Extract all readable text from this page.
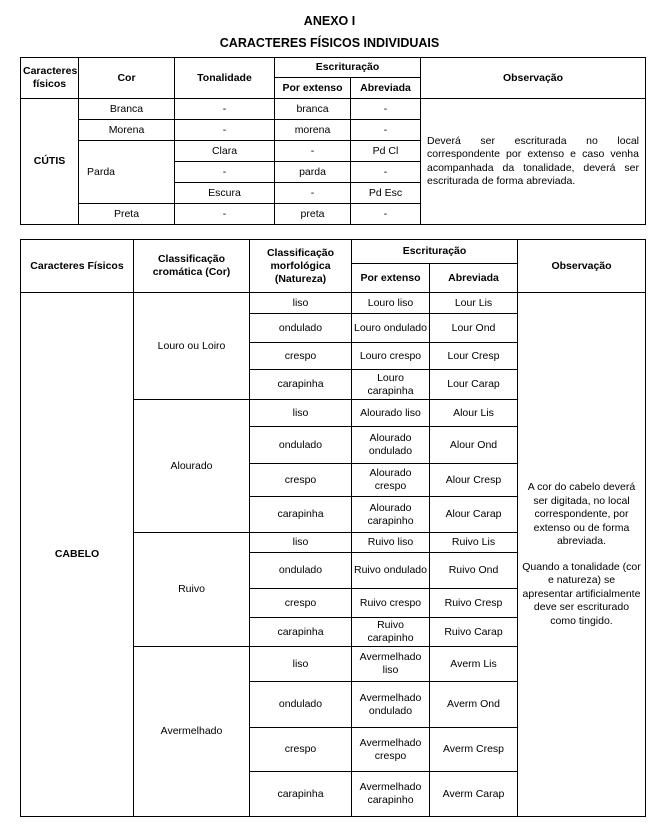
ANEXO I
CARACTERES FÍSICOS INDIVIDUAIS
Caracteres físicos	Cor	Tonalidade	Escrituração		Observação
			Por extenso	Abreviada	
CÚTIS	Branca	-	branca	-	Deverá ser escriturada no local correspondente por extenso e caso venha acompanhada da tonalidade, deverá ser escriturada de forma abreviada.
	Morena	-	morena	-	
	Parda	Clara	-	Pd Cl	
		-	parda	-	
		Escura	-	Pd Esc	
	Preta	-	preta	-	
Caracteres Físicos	Classificação cromática (Cor)	Classificação morfológica (Natureza)	Escrituração		Observação
			Por extenso	Abreviada	
CABELO	Louro ou Loiro	liso	Louro liso	Lour Lis	A cor do cabelo deverá ser digitada, no local correspondente, por extenso ou de forma abreviada.

Quando a tonalidade (cor e natureza) se apresentar artificialmente deve ser escriturado como tingido.

		ondulado	Louro ondulado	Lour Ond	
		crespo	Louro crespo	Lour Cresp	
		carapinha	Louro carapinha	Lour Carap	
	Alourado	liso	Alourado liso	Alour Lis	
		ondulado	Alourado ondulado	Alour Ond	
		crespo	Alourado crespo	Alour Cresp	
		carapinha	Alourado carapinho	Alour Carap	
	Ruivo	liso	Ruivo liso	Ruivo Lis	
		ondulado	Ruivo ondulado	Ruivo Ond	
		crespo	Ruivo crespo	Ruivo Cresp	
		carapinha	Ruivo carapinho	Ruivo Carap	
	Avermelhado	liso	Avermelhado liso	Averm Lis	
		ondulado	Avermelhado ondulado	Averm Ond	
		crespo	Avermelhado crespo	Averm Cresp	
		carapinha	Avermelhado carapinho	Averm Carap	
